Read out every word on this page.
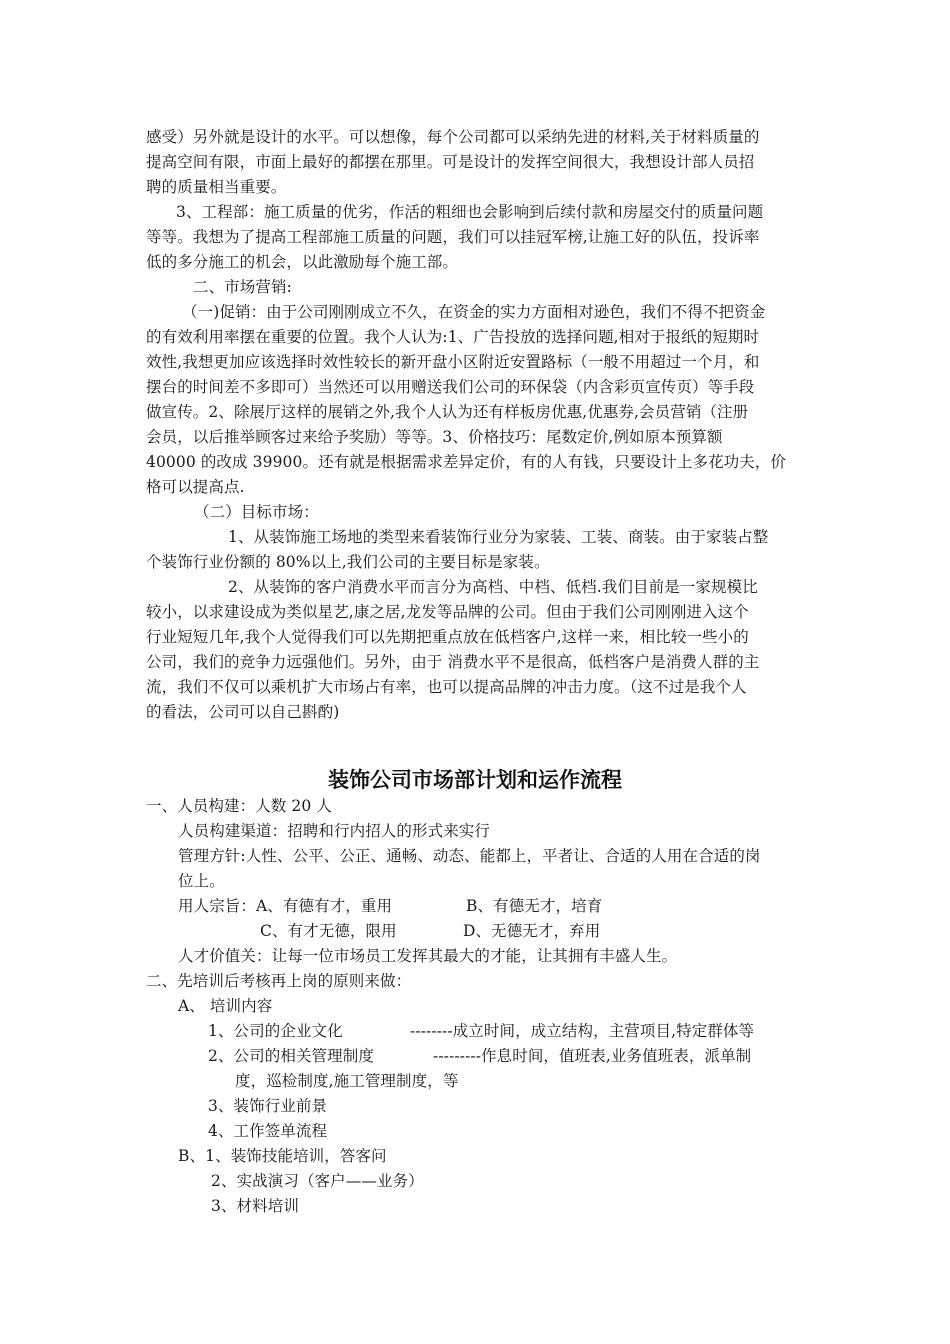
感受）另外就是设计的水平。可以想像，每个公司都可以采纳先进的材料,关于材料质量的
提高空间有限，市面上最好的都摆在那里。可是设计的发挥空间很大，我想设计部人员招
聘的质量相当重要。
3、工程部：施工质量的优劣，作活的粗细也会影响到后续付款和房屋交付的质量问题
等等。我想为了提高工程部施工质量的问题，我们可以挂冠军榜,让施工好的队伍，投诉率
低的多分施工的机会，以此激励每个施工部。
二、市场营销:
（一)促销：由于公司刚刚成立不久，在资金的实力方面相对逊色，我们不得不把资金
的有效利用率摆在重要的位置。我个人认为:1、广告投放的选择问题,相对于报纸的短期时
效性,我想更加应该选择时效性较长的新开盘小区附近安置路标（一般不用超过一个月，和
摆台的时间差不多即可）当然还可以用赠送我们公司的环保袋（内含彩页宣传页）等手段
做宣传。2、除展厅这样的展销之外,我个人认为还有样板房优惠,优惠券,会员营销（注册
会员，以后推举顾客过来给予奖励）等等。3、价格技巧：尾数定价,例如原本预算额
40000 的改成 39900。还有就是根据需求差异定价，有的人有钱，只要设计上多花功夫，价
格可以提高点.
（二）目标市场：
1、从装饰施工场地的类型来看装饰行业分为家装、工装、商装。由于家装占整
个装饰行业份额的 80%以上,我们公司的主要目标是家装。
2、从装饰的客户消费水平而言分为高档、中档、低档.我们目前是一家规模比
较小，以求建设成为类似星艺,康之居,龙发等品牌的公司。但由于我们公司刚刚进入这个
行业短短几年,我个人觉得我们可以先期把重点放在低档客户,这样一来，相比较一些小的
公司，我们的竞争力远强他们。另外，由于 消费水平不是很高，低档客户是消费人群的主
流，我们不仅可以乘机扩大市场占有率，也可以提高品牌的冲击力度。（这不过是我个人
的看法，公司可以自己斟酌)
装饰公司市场部计划和运作流程
一、人员构建：人数 20 人
人员构建渠道：招聘和行内招人的形式来实行
管理方针:人性、公平、公正、通畅、动态、能都上，平者让、合适的人用在合适的岗
位上。
用人宗旨：A、有德有才，重用	B、有德无才，培育
C、有才无德，限用	D、无德无才，弃用
人才价值关：让每一位市场员工发挥其最大的才能，让其拥有丰盛人生。
二、先培训后考核再上岗的原则来做：
A、 培训内容
1、公司的企业文化	--------成立时间，成立结构，主营项目,特定群体等
2、公司的相关管理制度	---------作息时间，值班表,业务值班表，派单制
度，巡检制度,施工管理制度，等
3、装饰行业前景
4、工作签单流程
B、1、装饰技能培训，答客问
2、实战演习（客户——业务）
3、材料培训
